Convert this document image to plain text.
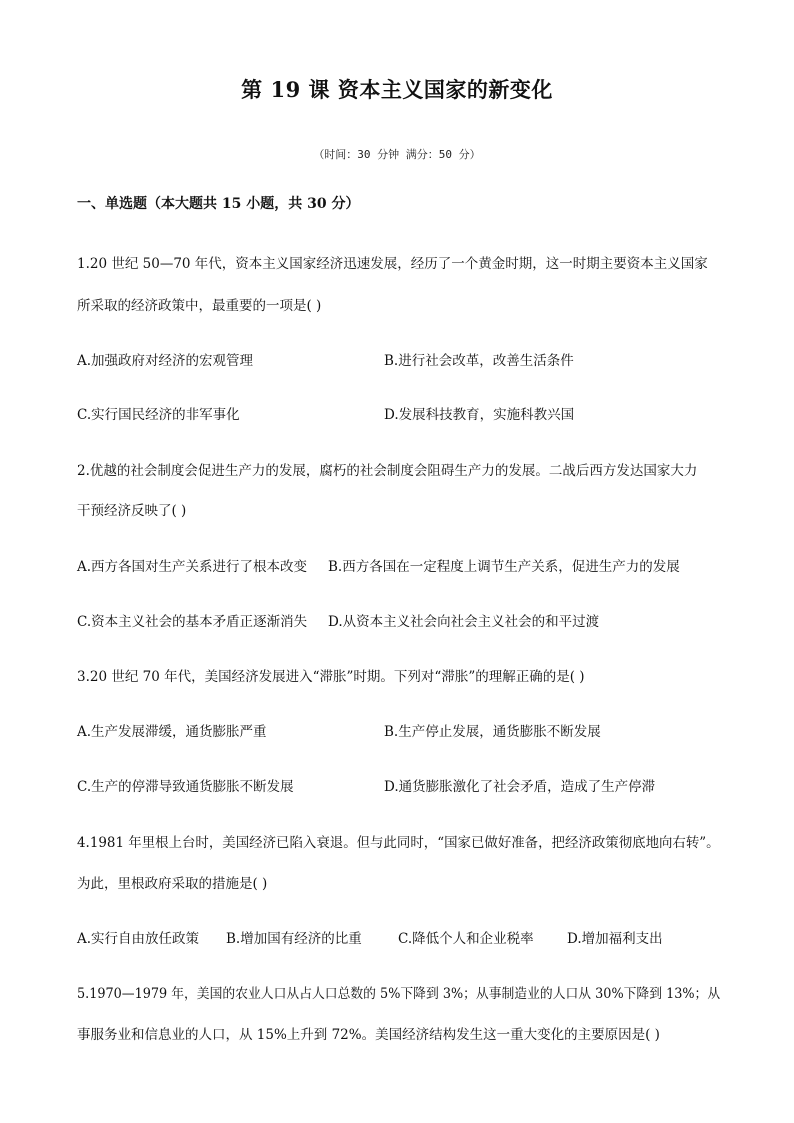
第 19 课 资本主义国家的新变化
（时间：30 分钟 满分：50 分）
一、单选题（本大题共 15 小题，共 30 分）
1.20 世纪 50—70 年代，资本主义国家经济迅速发展，经历了一个黄金时期，这一时期主要资本主义国家
所采取的经济政策中，最重要的一项是( )
A.加强政府对经济的宏观管理	B.进行社会改革，改善生活条件
C.实行国民经济的非军事化	D.发展科技教育，实施科教兴国
2.优越的社会制度会促进生产力的发展，腐朽的社会制度会阻碍生产力的发展。二战后西方发达国家大力
干预经济反映了( )
A.西方各国对生产关系进行了根本改变 B.西方各国在一定程度上调节生产关系，促进生产力的发展
C.资本主义社会的基本矛盾正逐渐消失 D.从资本主义社会向社会主义社会的和平过渡
3.20 世纪 70 年代，美国经济发展进入“滞胀”时期。下列对“滞胀”的理解正确的是( )
A.生产发展滞缓，通货膨胀严重	B.生产停止发展，通货膨胀不断发展
C.生产的停滞导致通货膨胀不断发展	D.通货膨胀激化了社会矛盾，造成了生产停滞
4.1981 年里根上台时，美国经济已陷入衰退。但与此同时，“国家已做好准备，把经济政策彻底地向右转”。
为此，里根政府采取的措施是( )
A.实行自由放任政策 B.增加国有经济的比重	C.降低个人和企业税率 D.增加福利支出
5.1970—1979 年，美国的农业人口从占人口总数的 5%下降到 3%；从事制造业的人口从 30%下降到 13%；从
事服务业和信息业的人口，从 15%上升到 72%。美国经济结构发生这一重大变化的主要原因是( )
